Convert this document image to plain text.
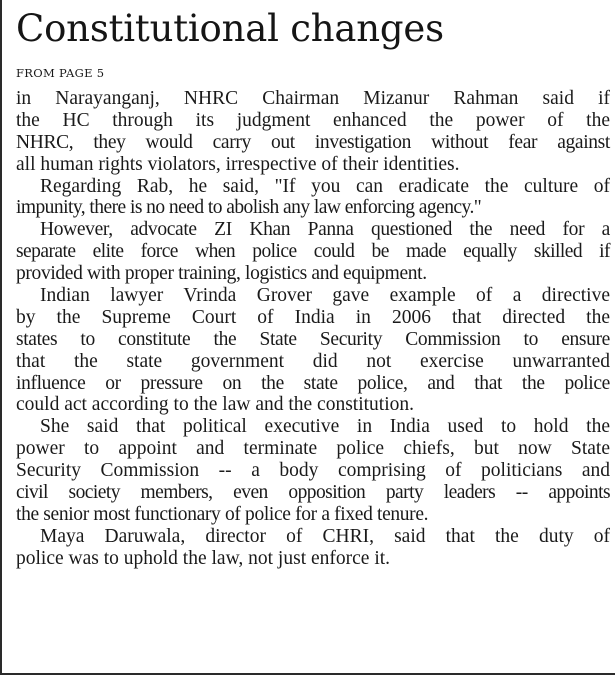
Constitutional changes
FROM PAGE 5
in Narayanganj, NHRC Chairman Mizanur Rahman said if
the HC through its judgment enhanced the power of the
NHRC, they would carry out investigation without fear against
all human rights violators, irrespective of their identities.
Regarding Rab, he said, "If you can eradicate the culture of
impunity, there is no need to abolish any law enforcing agency."
However, advocate ZI Khan Panna questioned the need for a
separate elite force when police could be made equally skilled if
provided with proper training, logistics and equipment.
Indian lawyer Vrinda Grover gave example of a directive
by the Supreme Court of India in 2006 that directed the
states to constitute the State Security Commission to ensure
that the state government did not exercise unwarranted
influence or pressure on the state police, and that the police
could act according to the law and the constitution.
She said that political executive in India used to hold the
power to appoint and terminate police chiefs, but now State
Security Commission -- a body comprising of politicians and
civil society members, even opposition party leaders -- appoints
the senior most functionary of police for a fixed tenure.
Maya Daruwala, director of CHRI, said that the duty of
police was to uphold the law, not just enforce it.
